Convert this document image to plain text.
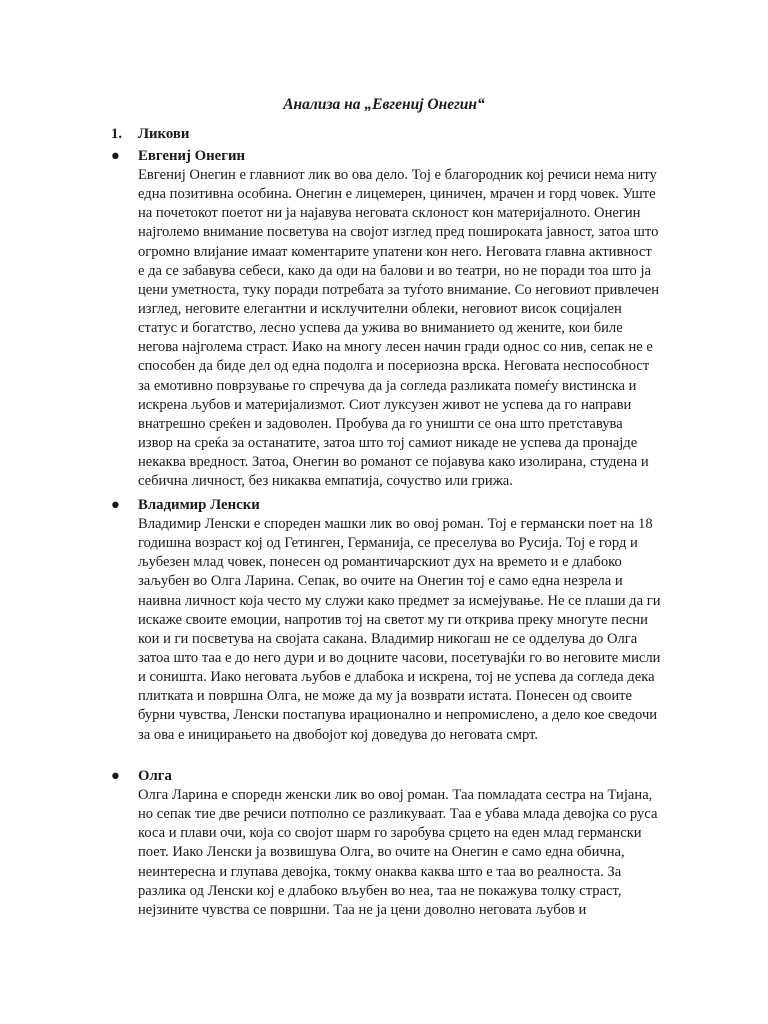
Анализа на „Евгениј Онегин“
1. Ликови
● Евгениј Онегин
Евгениј Онегин е главниот лик во ова дело. Тој е благородник кој речиси нема ниту
една позитивна особина. Онегин е лицемерен, циничен, мрачен и горд човек. Уште
на почетокот поетот ни ја најавува неговата склоност кон материјалното. Онегин
најголемо внимание посветува на својот изглед пред поширокатa јавност, затоа што
огромно влијание имаат коментарите упатени кон него. Неговата главна активност
е да се забавува себеси, како да оди на балови и во театри, но не поради тоа што ја
цени уметноста, туку поради потребата за туѓото внимание. Со неговиот привлечен
изглед, неговите елегантни и исклучителни облеки, неговиот висок социјален
статус и богатство, лесно успева да ужива во вниманието од жените, кои биле
негова најголема страст. Иако на многу лесен начин гради однос со нив, сепак не е
способен да биде дел од една подолга и посериозна врска. Неговата неспособност
за емотивно поврзување го спречува да ја согледа разликата помеѓу вистинска и
искрена љубов и материјализмот. Сиот луксузен живот не успева да го направи
внатрешно среќен и задоволен. Пробува да го уништи се она што претставува
извор на среќа за останатите, затоа што тој самиот никаде не успева да пронајде
некаква вредност. Затоа, Онегин во романот се појавува како изолирана, студена и
себична личност, без никаква емпатија, сочуство или грижа.
● Владимир Ленски
Владимир Ленски е спореден машки лик во овој роман. Тој е германски поет на 18
годишна возраст кој од Гетинген, Германија, се преселува во Русија. Тој е горд и
љубезен млад човек, понесен од романтичарскиот дух на времето и е длабоко
заљубен во Олга Ларина. Сепак, во очите на Онегин тој е само една незрела и
наивна личност која често му служи како предмет за исмејување. Не се плаши да ги
искаже своите емоции, напротив тој на светот му ги открива преку многуте песни
кои и ги посветува на својата сакана. Владимир никогаш не се одделува до Олга
затоа што таа е до него дури и во доцните часови, посетувајќи го во неговите мисли
и соништа. Иако неговата љубов е длабока и искрена, тој не успева да согледа дека
плитката и површна Олга, не може да му ја возврати истата. Понесен од своите
бурни чувства, Ленски постапува ирационално и непромислено, а дело кое сведочи
за ова е иницирањето на двобојот кој доведува до неговата смрт.
● Олга
Олга Ларина е споредн женски лик во овој роман. Таа помладата сестра на Тијана,
но сепак тие две речиси потполно се разликуваат. Таа е убава млада девојка со руса
коса и плави очи, која со својот шарм го заробува срцето на еден млад германски
поет. Иако Ленски ја возвишува Олга, во очите на Онегин е само една обична,
неинтересна и глупава девојка, токму онаква каква што е таа во реалноста. За
разлика од Ленски кој е длабоко вљубен во неа, таа не покажува толку страст,
нејзините чувства се површни. Таа не ја цени доволно неговата љубов и
